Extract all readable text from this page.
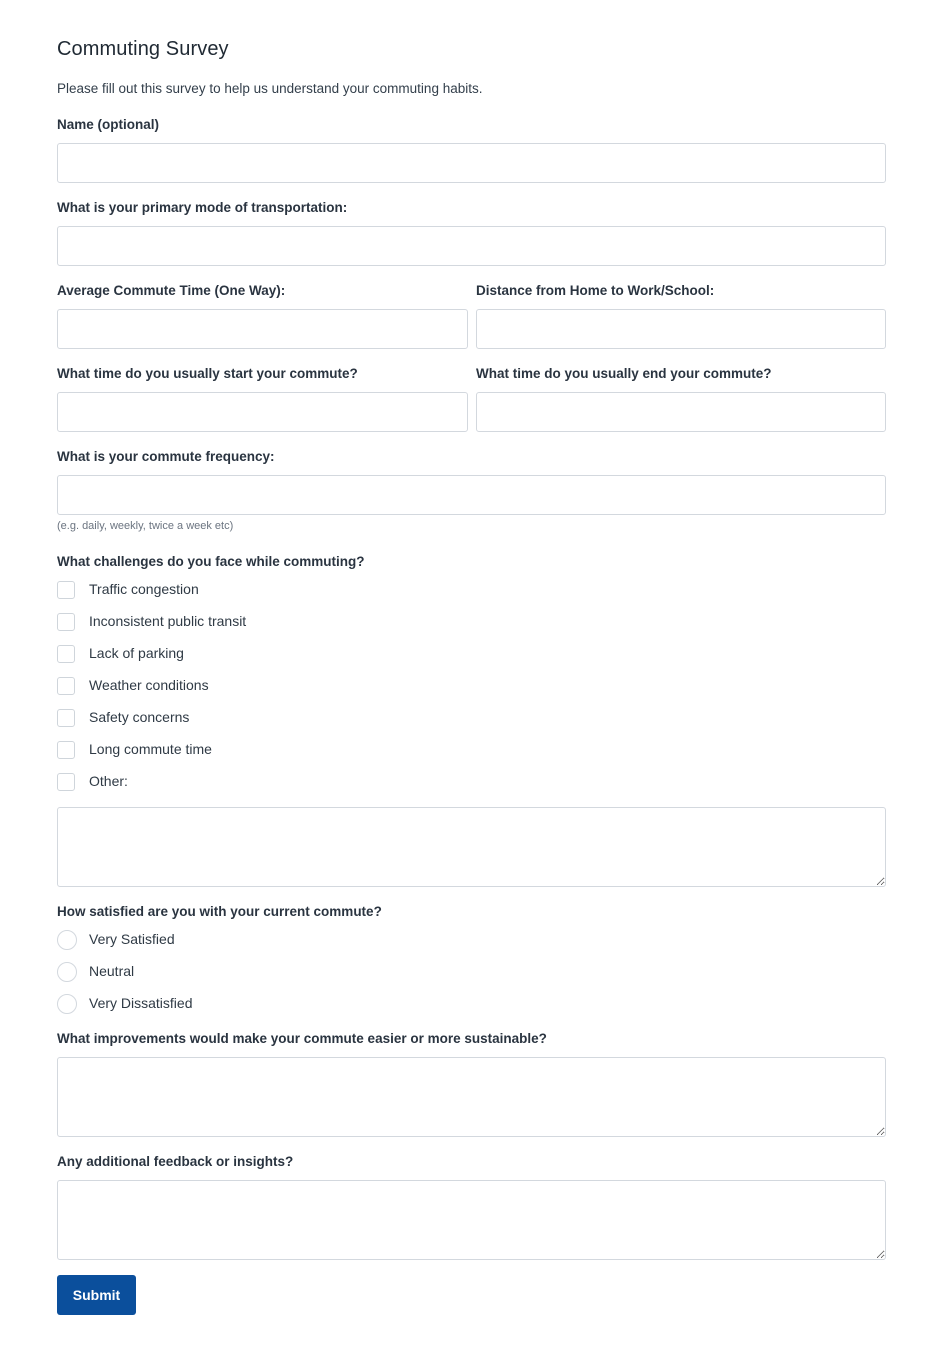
Commuting Survey

Please fill out this survey to help us understand your commuting habits.

Name (optional)
What is your primary mode of transportation:
Average Commute Time (One Way):	Distance from Home to Work/School:
What time do you usually start your commute?	What time do you usually end your commute?
What is your commute frequency:

(e.g. daily, weekly, twice a week etc)

What challenges do you face while commuting?
Traffic congestion
Inconsistent public transit
Lack of parking
Weather conditions
Safety concerns
Long commute time
Other:
How satisfied are you with your current commute?
Very Satisfied
Neutral
Very Dissatisfied
What improvements would make your commute easier or more sustainable?
Any additional feedback or insights?
Submit
